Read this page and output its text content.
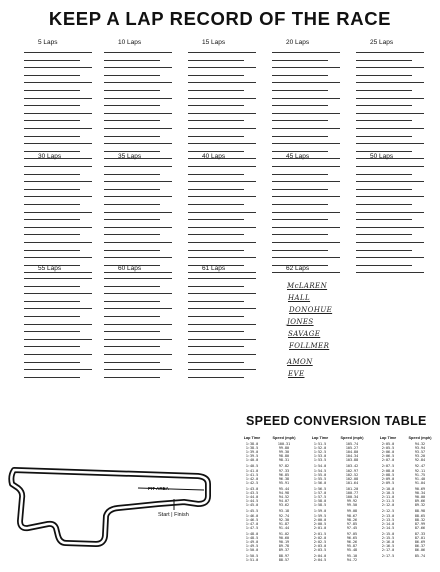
KEEP A LAP RECORD OF THE RACE
5 Laps	10 Laps	15 Laps	20 Laps	25 Laps
30 Laps	35 Laps	40 Laps	45 Laps	50 Laps
55 Laps	60 Laps	61 Laps	62 Laps
McLAREN
HALL
DONOHUE
JONES
SAVAGE
FOLLMER
AMON
EVE
PIT AREA
Start | Finish
SPEED CONVERSION TABLE
Lap Time	Speed (mph)
1:38.0	100.31
1:38.5	99.80
1:39.0	99.30
1:39.5	98.80
1:40.0	98.31
1:40.5	97.82
1:41.0	97.33
1:41.5	96.85
1:42.0	96.38
1:42.5	95.91
1:43.0	95.44
1:43.5	94.98
1:44.0	94.52
1:44.5	94.07
1:45.0	93.62
1:45.5	93.18
1:46.0	92.74
1:46.5	92.30
1:47.0	91.87
1:47.5	91.44
1:48.0	91.02
1:48.5	90.60
1:49.0	90.19
1:49.5	89.78
1:50.0	89.37
1:50.5	88.97
1:51.0	88.57
Lap Time	Speed (mph)
1:51.5	105.74
1:52.0	105.27
1:52.5	104.80
1:53.0	104.34
1:53.5	103.88
1:54.0	103.42
1:54.5	102.97
1:55.0	102.52
1:55.5	102.08
1:56.0	101.64
1:56.5	101.20
1:57.0	100.77
1:57.5	100.34
1:58.0	99.92
1:58.5	99.50
1:59.0	99.08
1:59.5	98.67
2:00.0	98.26
2:00.5	97.85
2:01.0	97.45
2:01.5	97.05
2:02.0	96.65
2:02.5	96.26
2:03.0	95.87
2:03.5	95.48
2:04.0	95.10
2:04.5	94.72
Lap Time	Speed (mph)
2:05.0	94.32
2:05.5	93.94
2:06.0	93.57
2:06.5	93.20
2:07.0	92.84
2:07.5	92.47
2:08.0	92.11
2:08.5	91.75
2:09.0	91.40
2:09.5	91.04
2:10.0	90.69
2:10.5	90.34
2:11.0	90.00
2:11.5	89.66
2:12.0	89.32
2:12.5	88.98
2:13.0	88.65
2:13.5	88.32
2:14.0	87.99
2:14.5	87.66
2:15.0	87.33
2:15.5	87.01
2:16.0	86.69
2:16.5	86.37
2:17.0	86.06
2:17.5	85.74
